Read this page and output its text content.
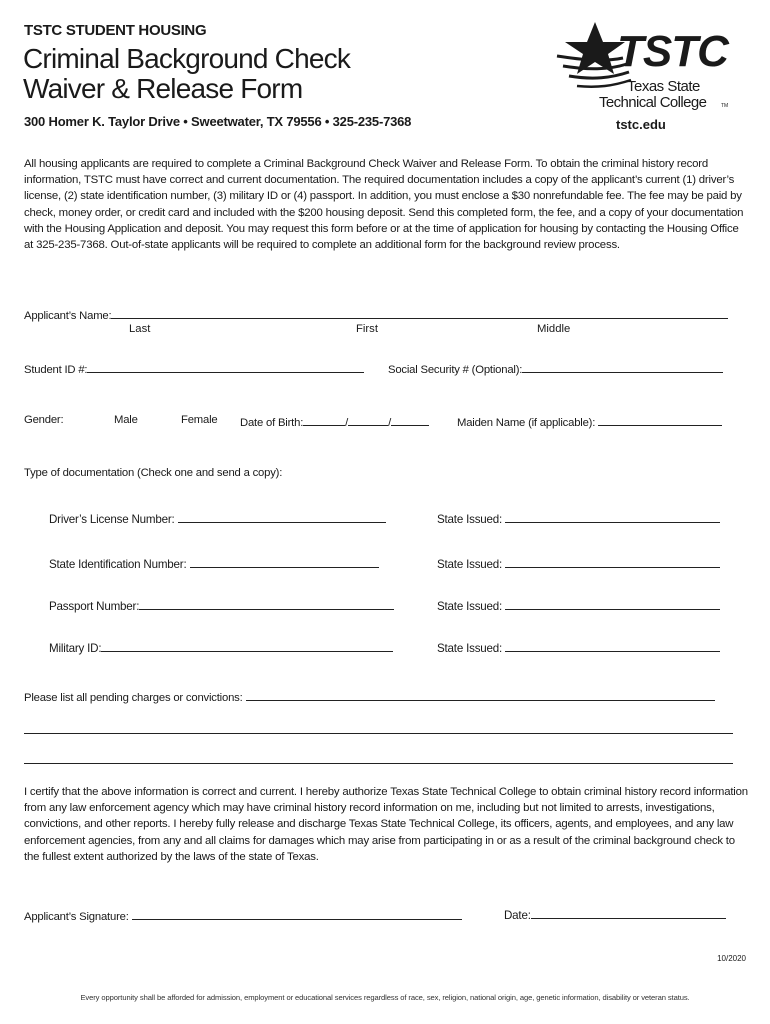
TSTC STUDENT HOUSING
Criminal Background Check
Waiver & Release Form
300 Homer K. Taylor Drive • Sweetwater, TX 79556 • 325-235-7368	tstc.edu
TSTC
Texas State
Technical College	TM
All housing applicants are required to complete a Criminal Background Check Waiver and Release Form. To obtain the criminal history record information, TSTC must have correct and current documentation. The required documentation includes a copy of the applicant’s current (1) driver’s license, (2) state identification number, (3) military ID or (4) passport. In addition, you must enclose a $30 nonrefundable fee. The fee may be paid by check, money order, or credit card and included with the $200 housing deposit. Send this completed form, the fee, and a copy of your documentation with the Housing Application and deposit. You may request this form before or at the time of application for housing by contacting the Housing Office at 325-235-7368. Out-of-state applicants will be required to complete an additional form for the background review process.
Applicant’s Name:
Last	First	Middle
Student ID #:	Social Security # (Optional):
Gender:	Male	Female Date of Birth:	/	/	Maiden Name (if applicable):
Type of documentation (Check one and send a copy):
Driver’s License Number:	State Issued:
State Identification Number:	State Issued:
Passport Number:	State Issued:
Military ID:	State Issued:
Please list all pending charges or convictions:
I certify that the above information is correct and current. I hereby authorize Texas State Technical College to obtain criminal history record information from any law enforcement agency which may have criminal history record information on me, including but not limited to arrests, investigations, convictions, and other reports. I hereby fully release and discharge Texas State Technical College, its officers, agents, and employees, and any law enforcement agencies, from any and all claims for damages which may arise from participating in or as a result of the criminal background check to the fullest extent authorized by the laws of the state of Texas.
Applicant’s Signature:	Date:
10/2020
Every opportunity shall be afforded for admission, employment or educational services regardless of race, sex, religion, national origin, age, genetic information, disability or veteran status.
